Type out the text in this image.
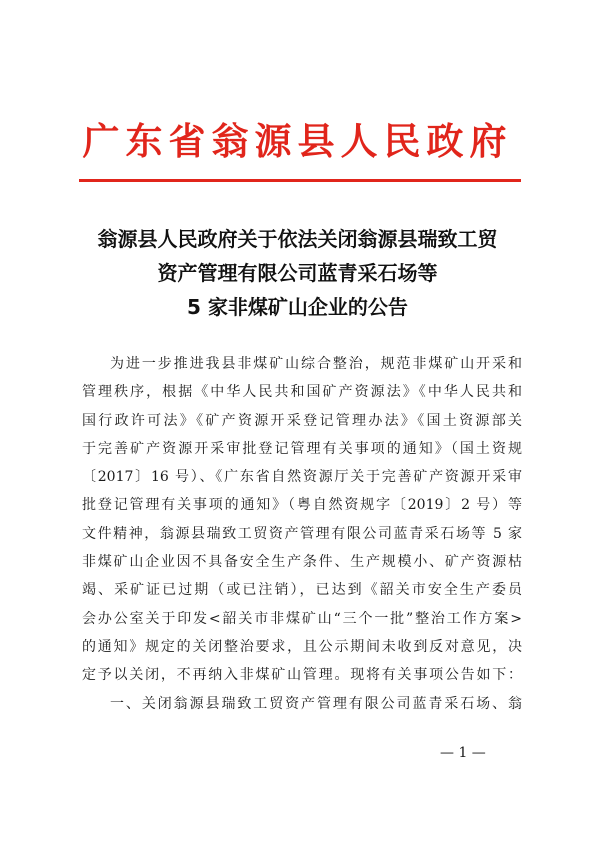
广东省翁源县人民政府
翁源县人民政府关于依法关闭翁源县瑞致工贸
资产管理有限公司蓝青采石场等
5 家非煤矿山企业的公告
为进一步推进我县非煤矿山综合整治，规范非煤矿山开采和
管理秩序，根据《中华人民共和国矿产资源法》《中华人民共和
国行政许可法》《矿产资源开采登记管理办法》《国土资源部关
于完善矿产资源开采审批登记管理有关事项的通知》（国土资规
〔2017〕16 号）、《广东省自然资源厅关于完善矿产资源开采审
批登记管理有关事项的通知》（粤自然资规字〔2019〕2 号）等
文件精神，翁源县瑞致工贸资产管理有限公司蓝青采石场等 5 家
非煤矿山企业因不具备安全生产条件、生产规模小、矿产资源枯
竭、采矿证已过期（或已注销），已达到《韶关市安全生产委员
会办公室关于印发<韶关市非煤矿山“三个一批”整治工作方案>
的通知》规定的关闭整治要求，且公示期间未收到反对意见，决
定予以关闭，不再纳入非煤矿山管理。现将有关事项公告如下：
一、关闭翁源县瑞致工贸资产管理有限公司蓝青采石场、翁
— 1 —
